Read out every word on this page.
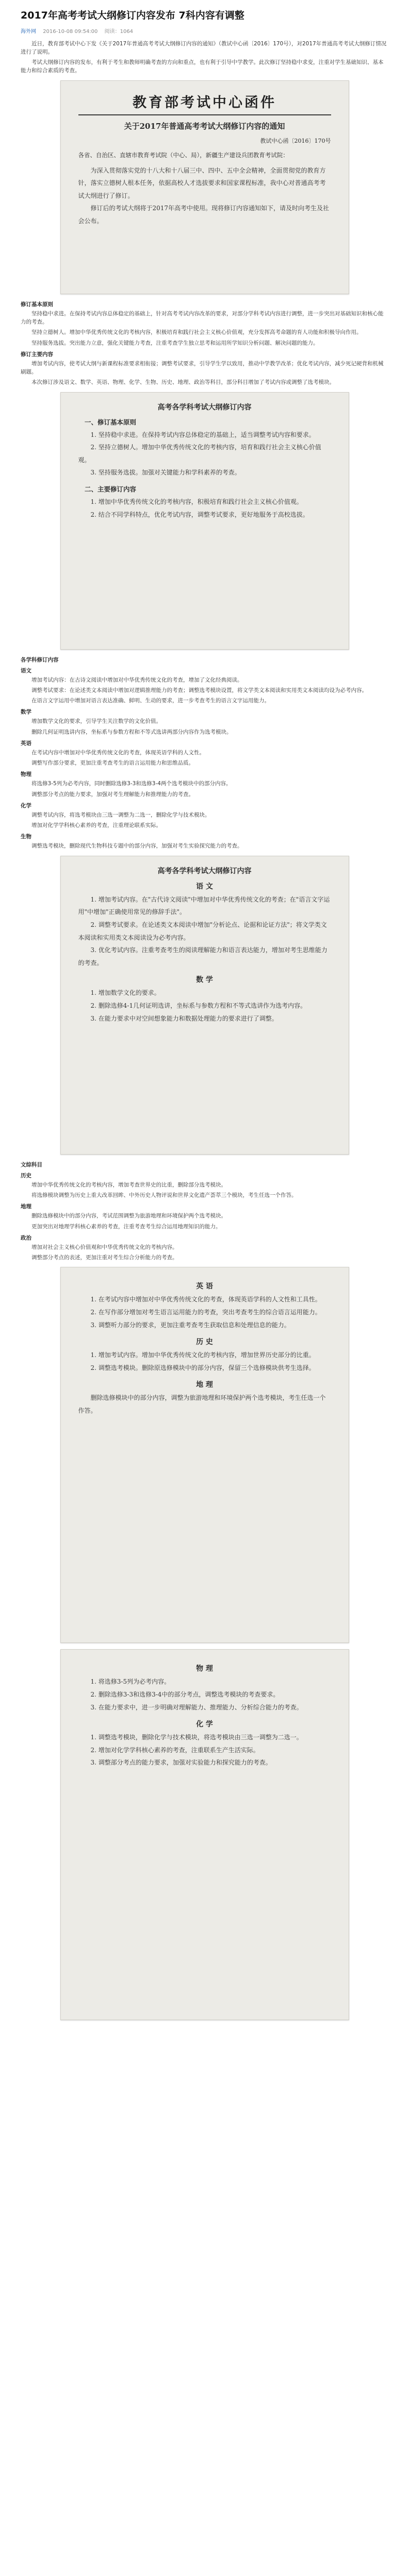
2017年高考考试大纲修订内容发布 7科内容有调整
海外网 2016-10-08 09:54:00 阅读：1064

近日，教育部考试中心下发《关于2017年普通高考考试大纲修订内容的通知》（教试中心函〔2016〕170号），对2017年普通高考考试大纲修订情况进行了说明。

考试大纲修订内容的发布，有利于考生和教师明确考查的方向和重点，也有利于引导中学教学。此次修订坚持稳中求变，注重对学生基础知识、基本能力和综合素质的考查。

教育部考试中心函件
关于2017年普通高考考试大纲修订内容的通知
教试中心函〔2016〕170号
各省、自治区、直辖市教育考试院（中心、局），新疆生产建设兵团教育考试院：

为深入贯彻落实党的十八大和十八届三中、四中、五中全会精神，全面贯彻党的教育方针，落实立德树人根本任务，依据高校人才选拔要求和国家课程标准，我中心对普通高考考试大纲进行了修订。

修订后的考试大纲将于2017年高考中使用。现将修订内容通知如下，请及时向考生及社会公布。

修订基本原则

坚持稳中求进。在保持考试内容总体稳定的基础上，针对高考考试内容改革的要求，对部分学科考试内容进行调整，进一步突出对基础知识和核心能力的考查。

坚持立德树人。增加中华优秀传统文化的考核内容，积极培育和践行社会主义核心价值观，充分发挥高考命题的育人功能和积极导向作用。

坚持服务选拔。突出能力立意，强化关键能力考查，注重考查学生独立思考和运用所学知识分析问题、解决问题的能力。

修订主要内容

增加考试内容，使考试大纲与新课程标准要求相衔接；调整考试要求，引导学生学以致用，推动中学教学改革；优化考试内容，减少死记硬背和机械刷题。

本次修订涉及语文、数学、英语、物理、化学、生物、历史、地理、政治等科目，部分科目增加了考试内容或调整了选考模块。

高考各学科考试大纲修订内容
一、修订基本原则

1. 坚持稳中求进。在保持考试内容总体稳定的基础上，适当调整考试内容和要求。

2. 坚持立德树人。增加中华优秀传统文化的考核内容，培育和践行社会主义核心价值观。

3. 坚持服务选拔。加强对关键能力和学科素养的考查。

二、主要修订内容

1. 增加中华优秀传统文化的考核内容，积极培育和践行社会主义核心价值观。

2. 结合不同学科特点，优化考试内容，调整考试要求，更好地服务于高校选拔。

各学科修订内容
语文

增加考试内容：在古诗文阅读中增加对中华优秀传统文化的考查，增加了文化经典阅读。

调整考试要求：在论述类文本阅读中增加对逻辑推理能力的考查；调整选考模块设置，将文学类文本阅读和实用类文本阅读均设为必考内容。

在语言文字运用中增加对语言表达准确、鲜明、生动的要求，进一步考查考生的语言文字运用能力。

数学

增加数学文化的要求，引导学生关注数学的文化价值。

删除几何证明选讲内容，坐标系与参数方程和不等式选讲两部分内容作为选考模块。

英语

在考试内容中增加对中华优秀传统文化的考查，体现英语学科的人文性。

调整写作部分要求，更加注重考查考生的语言运用能力和思维品质。

物理

将选修3-5列为必考内容，同时删除选修3-3和选修3-4两个选考模块中的部分内容。

调整部分考点的能力要求，加强对考生理解能力和推理能力的考查。

化学

调整考试内容，将选考模块由三选一调整为二选一，删除化学与技术模块。

增加对化学学科核心素养的考查，注重理论联系实际。

生物

调整选考模块，删除现代生物科技专题中的部分内容，加强对考生实验探究能力的考查。

高考各学科考试大纲修订内容
语 文

1. 增加考试内容。在"古代诗文阅读"中增加对中华优秀传统文化的考查；在"语言文字运用"中增加"正确使用常见的修辞手法"。

2. 调整考试要求。在论述类文本阅读中增加"分析论点、论据和论证方法"；将文学类文本阅读和实用类文本阅读设为必考内容。

3. 优化考试内容。注重考查考生的阅读理解能力和语言表达能力，增加对考生思维能力的考查。

数 学

1. 增加数学文化的要求。

2. 删除选修4-1几何证明选讲，坐标系与参数方程和不等式选讲作为选考内容。

3. 在能力要求中对空间想象能力和数据处理能力的要求进行了调整。

文综科目
历史

增加中华优秀传统文化的考核内容，增加考查世界史的比重，删除部分选考模块。

将选修模块调整为历史上重大改革回眸、中外历史人物评说和世界文化遗产荟萃三个模块，考生任选一个作答。

地理

删除选修模块中的部分内容，考试范围调整为旅游地理和环境保护两个选考模块。

更加突出对地理学科核心素养的考查，注重考查考生综合运用地理知识的能力。

政治

增加对社会主义核心价值观和中华优秀传统文化的考核内容。

调整部分考点的表述，更加注重对考生综合分析能力的考查。

英 语

1. 在考试内容中增加对中华优秀传统文化的考查，体现英语学科的人文性和工具性。

2. 在写作部分增加对考生语言运用能力的考查，突出考查考生的综合语言运用能力。

3. 调整听力部分的要求，更加注重考查考生获取信息和处理信息的能力。

历 史

1. 增加考试内容。增加中华优秀传统文化的考核内容，增加世界历史部分的比重。

2. 调整选考模块。删除原选修模块中的部分内容，保留三个选修模块供考生选择。

地 理

删除选修模块中的部分内容，调整为旅游地理和环境保护两个选考模块，考生任选一个作答。

物 理

1. 将选修3-5列为必考内容。

2. 删除选修3-3和选修3-4中的部分考点，调整选考模块的考查要求。

3. 在能力要求中，进一步明确对理解能力、推理能力、分析综合能力的考查。

化 学

1. 调整选考模块，删除化学与技术模块，将选考模块由三选一调整为二选一。

2. 增加对化学学科核心素养的考查，注重联系生产生活实际。

3. 调整部分考点的能力要求，加强对实验能力和探究能力的考查。
